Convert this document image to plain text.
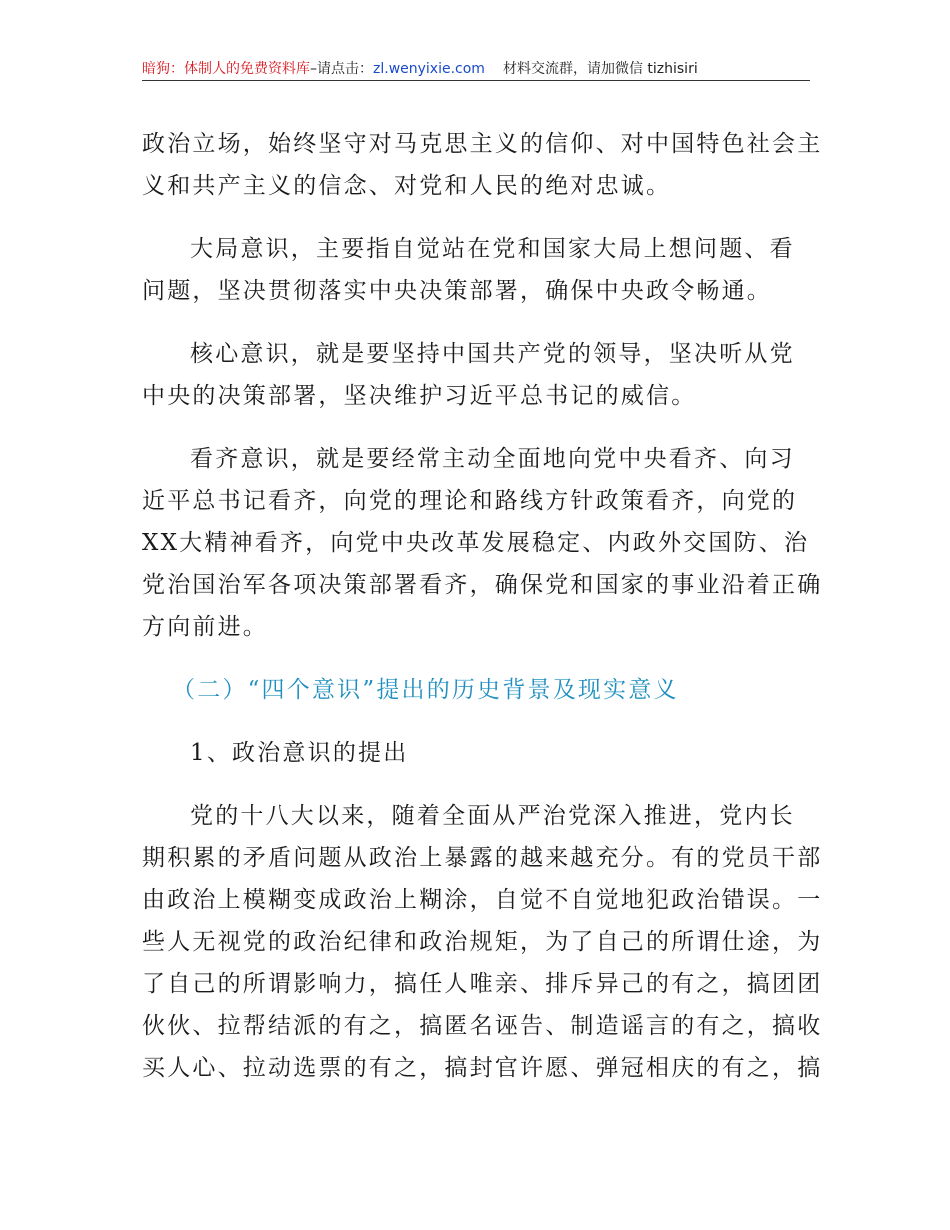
暗狗：体制人的免费资料库–请点击：zl.wenyixie.com 材料交流群，请加微信 tizhisiri
政治立场，始终坚守对马克思主义的信仰、对中国特色社会主
义和共产主义的信念、对党和人民的绝对忠诚。
大局意识，主要指自觉站在党和国家大局上想问题、看
问题，坚决贯彻落实中央决策部署，确保中央政令畅通。
核心意识，就是要坚持中国共产党的领导，坚决听从党
中央的决策部署，坚决维护习近平总书记的威信。
看齐意识，就是要经常主动全面地向党中央看齐、向习
近平总书记看齐，向党的理论和路线方针政策看齐，向党的
XX大精神看齐，向党中央改革发展稳定、内政外交国防、治
党治国治军各项决策部署看齐，确保党和国家的事业沿着正确
方向前进。
（二）“四个意识”提出的历史背景及现实意义
1、政治意识的提出
党的十八大以来，随着全面从严治党深入推进，党内长
期积累的矛盾问题从政治上暴露的越来越充分。有的党员干部
由政治上模糊变成政治上糊涂，自觉不自觉地犯政治错误。一
些人无视党的政治纪律和政治规矩，为了自己的所谓仕途，为
了自己的所谓影响力，搞任人唯亲、排斥异己的有之，搞团团
伙伙、拉帮结派的有之，搞匿名诬告、制造谣言的有之，搞收
买人心、拉动选票的有之，搞封官许愿、弹冠相庆的有之，搞
